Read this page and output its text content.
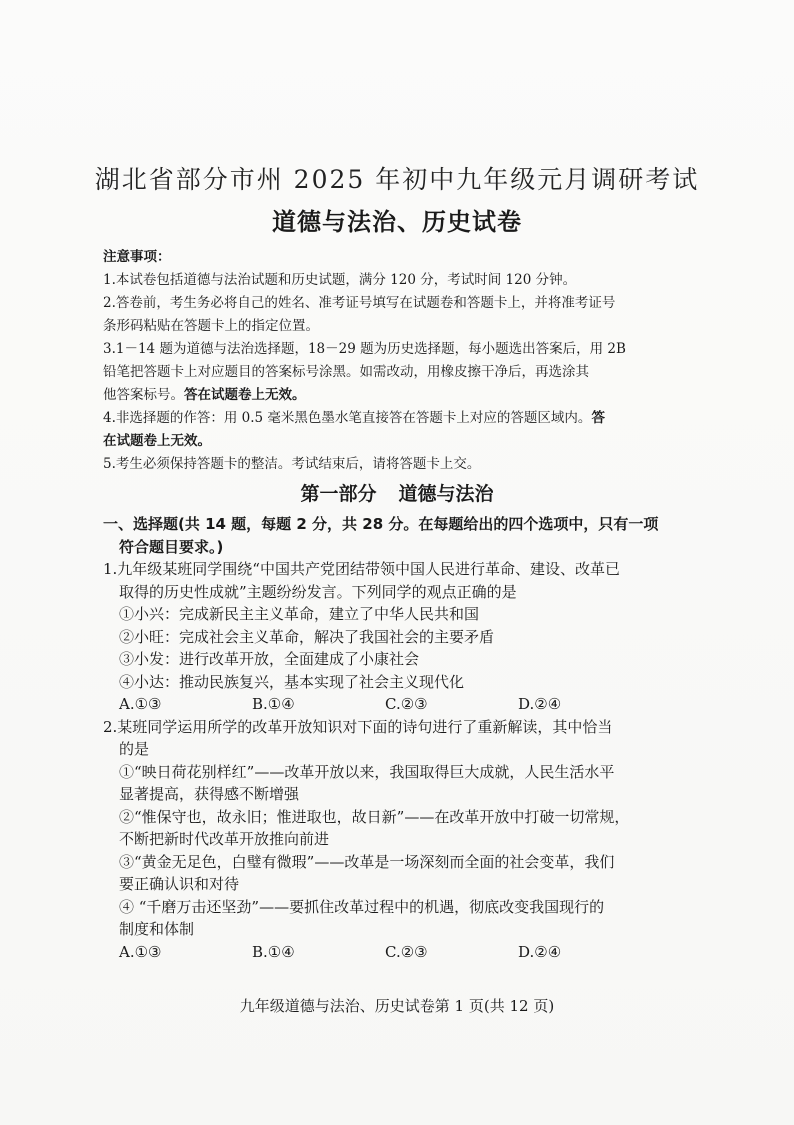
湖北省部分市州 2025 年初中九年级元月调研考试
道德与法治、历史试卷
注意事项：

1.本试卷包括道德与法治试题和历史试题，满分 120 分，考试时间 120 分钟。

2.答卷前，考生务必将自己的姓名、准考证号填写在试题卷和答题卡上，并将准考证号

条形码粘贴在答题卡上的指定位置。

3.1－14 题为道德与法治选择题，18－29 题为历史选择题，每小题选出答案后，用 2B

铅笔把答题卡上对应题目的答案标号涂黑。如需改动，用橡皮擦干净后，再选涂其

他答案标号。答在试题卷上无效。

4.非选择题的作答：用 0.5 毫米黑色墨水笔直接答在答题卡上对应的答题区域内。答

在试题卷上无效。

5.考生必须保持答题卡的整洁。考试结束后，请将答题卡上交。

第一部分 道德与法治
一、选择题(共 14 题，每题 2 分，共 28 分。在每题给出的四个选项中，只有一项
符合题目要求。)

1.九年级某班同学围绕“中国共产党团结带领中国人民进行革命、建设、改革已

取得的历史性成就”主题纷纷发言。下列同学的观点正确的是

①小兴：完成新民主主义革命，建立了中华人民共和国

②小旺：完成社会主义革命，解决了我国社会的主要矛盾

③小发：进行改革开放，全面建成了小康社会

④小达：推动民族复兴，基本实现了社会主义现代化

A.①③	B.①④	C.②③	D.②④

2.某班同学运用所学的改革开放知识对下面的诗句进行了重新解读，其中恰当

的是

①“映日荷花别样红”——改革开放以来，我国取得巨大成就，人民生活水平

显著提高，获得感不断增强

②“惟保守也，故永旧；惟进取也，故日新”——在改革开放中打破一切常规，

不断把新时代改革开放推向前进

③“黄金无足色，白璧有微瑕”——改革是一场深刻而全面的社会变革，我们

要正确认识和对待

④ “千磨万击还坚劲”——要抓住改革过程中的机遇，彻底改变我国现行的

制度和体制

A.①③	B.①④	C.②③	D.②④
九年级道德与法治、历史试卷第 1 页(共 12 页)
